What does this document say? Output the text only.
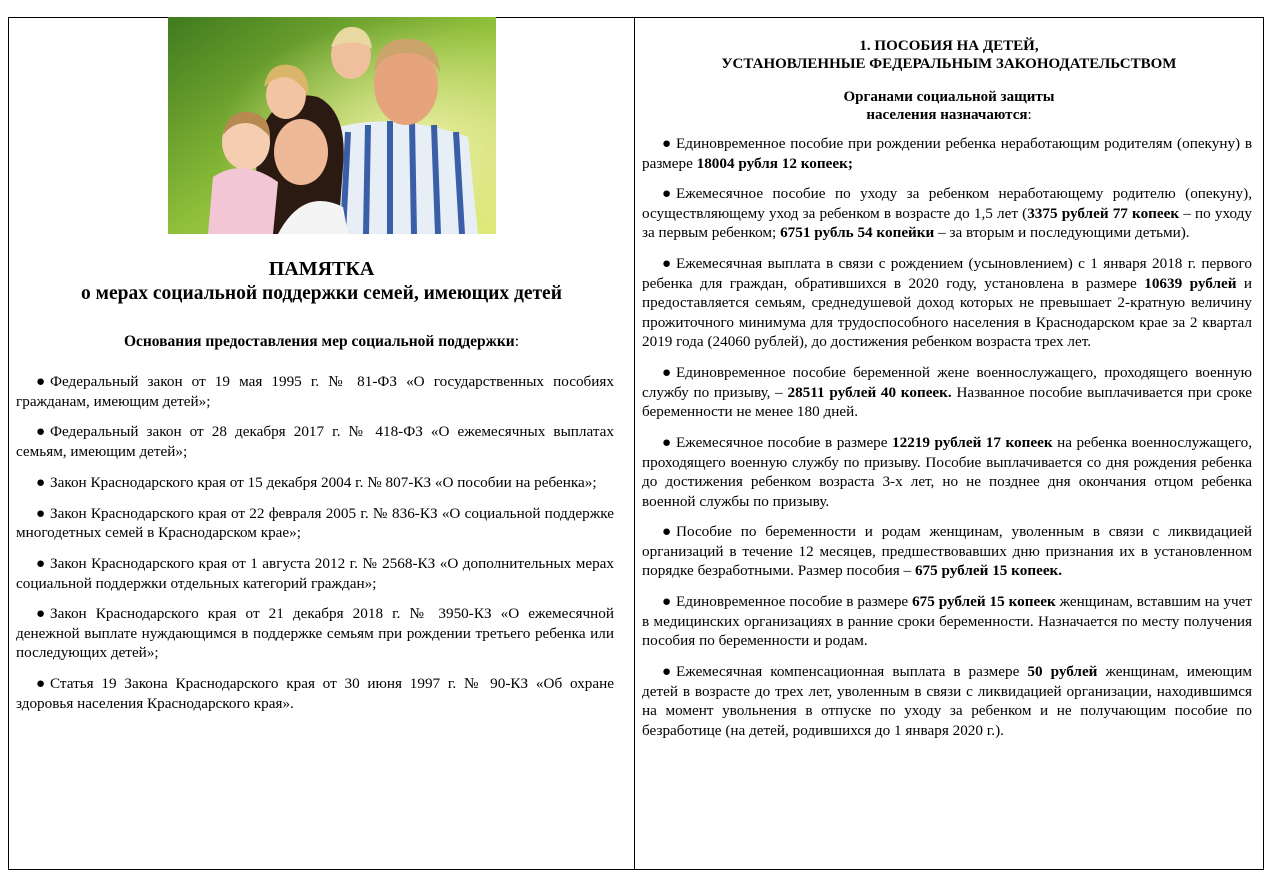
ПАМЯТКА
о мерах социальной поддержки семей, имеющих детей
Основания предоставления мер социальной поддержки:
● Федеральный закон от 19 мая 1995 г. № 81-ФЗ «О государственных пособиях гражданам, имеющим детей»;
● Федеральный закон от 28 декабря 2017 г. № 418-ФЗ «О ежемесячных выплатах семьям, имеющим детей»;
● Закон Краснодарского края от 15 декабря 2004 г. № 807-КЗ «О пособии на ребенка»;
● Закон Краснодарского края от 22 февраля 2005 г. № 836-КЗ «О социальной поддержке многодетных семей в Краснодарском крае»;
● Закон Краснодарского края от 1 августа 2012 г. № 2568-КЗ «О дополнительных мерах социальной поддержки отдельных категорий граждан»;
● Закон Краснодарского края от 21 декабря 2018 г. № 3950-КЗ «О ежемесячной денежной выплате нуждающимся в поддержке семьям при рождении третьего ребенка или последующих детей»;
● Статья 19 Закона Краснодарского края от 30 июня 1997 г. № 90-КЗ «Об охране здоровья населения Краснодарского края».
1. ПОСОБИЯ НА ДЕТЕЙ,
УСТАНОВЛЕННЫЕ ФЕДЕРАЛЬНЫМ ЗАКОНОДАТЕЛЬСТВОМ
Органами социальной защиты
населения назначаются:
● Единовременное пособие при рождении ребенка неработающим родителям (опекуну) в размере 18004 рубля 12 копеек;
● Ежемесячное пособие по уходу за ребенком неработающему родителю (опекуну), осуществляющему уход за ребенком в возрасте до 1,5 лет (3375 рублей 77 копеек – по уходу за первым ребенком; 6751 рубль 54 копейки – за вторым и последующими детьми).
● Ежемесячная выплата в связи с рождением (усыновлением) с 1 января 2018 г. первого ребенка для граждан, обратившихся в 2020 году, установлена в размере 10639 рублей и предоставляется семьям, среднедушевой доход которых не превышает 2-кратную величину прожиточного минимума для трудоспособного населения в Краснодарском крае за 2 квартал 2019 года (24060 рублей), до достижения ребенком возраста трех лет.
● Единовременное пособие беременной жене военнослужащего, проходящего военную службу по призыву, – 28511 рублей 40 копеек. Названное пособие выплачивается при сроке беременности не менее 180 дней.
● Ежемесячное пособие в размере 12219 рублей 17 копеек на ребенка военнослужащего, проходящего военную службу по призыву. Пособие выплачивается со дня рождения ребенка до достижения ребенком возраста 3-х лет, но не позднее дня окончания отцом ребенка военной службы по призыву.
● Пособие по беременности и родам женщинам, уволенным в связи с ликвидацией организаций в течение 12 месяцев, предшествовавших дню признания их в установленном порядке безработными. Размер пособия – 675 рублей 15 копеек.
● Единовременное пособие в размере 675 рублей 15 копеек женщинам, вставшим на учет в медицинских организациях в ранние сроки беременности. Назначается по месту получения пособия по беременности и родам.
● Ежемесячная компенсационная выплата в размере 50 рублей женщинам, имеющим детей в возрасте до трех лет, уволенным в связи с ликвидацией организации, находившимся на момент увольнения в отпуске по уходу за ребенком и не получающим пособие по безработице (на детей, родившихся до 1 января 2020 г.).
